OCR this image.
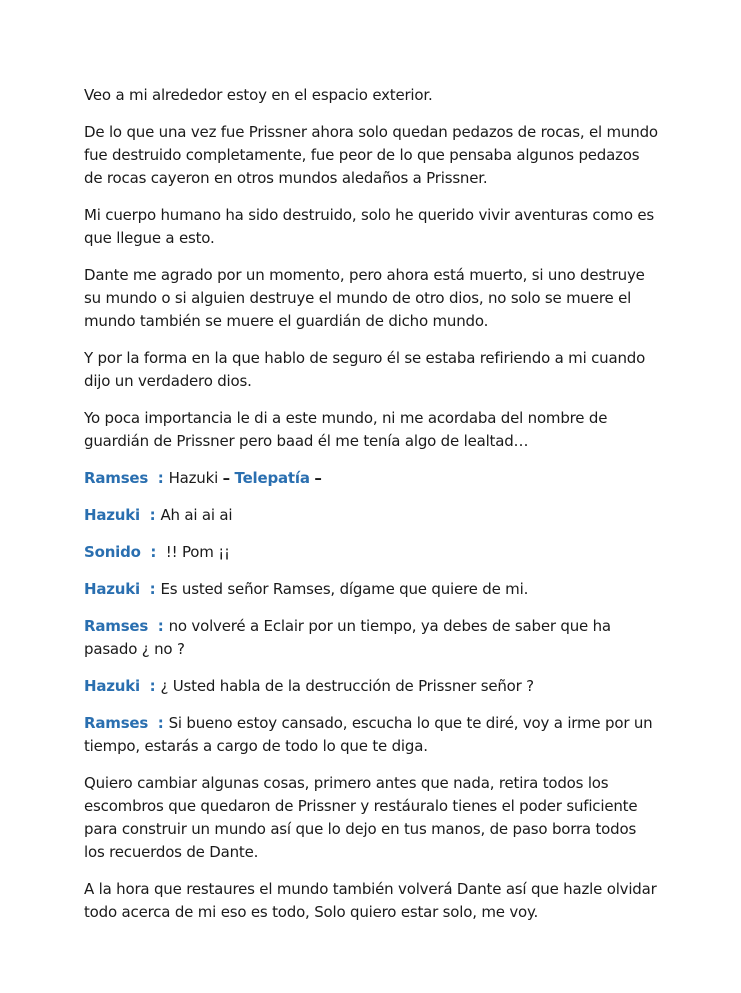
Veo a mi alrededor estoy en el espacio exterior.

De lo que una vez fue Prissner ahora solo quedan pedazos de rocas, el mundo fue destruido completamente, fue peor de lo que pensaba algunos pedazos de rocas cayeron en otros mundos aledaños a Prissner.

Mi cuerpo humano ha sido destruido, solo he querido vivir aventuras como es que llegue a esto.

Dante me agrado por un momento, pero ahora está muerto, si uno destruye su mundo o si alguien destruye el mundo de otro dios, no solo se muere el mundo también se muere el guardián de dicho mundo.

Y por la forma en la que hablo de seguro él se estaba refiriendo a mi cuando dijo un verdadero dios.

Yo poca importancia le di a este mundo, ni me acordaba del nombre de guardián de Prissner pero baad él me tenía algo de lealtad…

Ramses  : Hazuki – Telepatía –

Hazuki  : Ah ai ai ai

Sonido  :  !! Pom ¡¡

Hazuki  : Es usted señor Ramses, dígame que quiere de mi.

Ramses  : no volveré a Eclair por un tiempo, ya debes de saber que ha pasado ¿ no ?

Hazuki  : ¿ Usted habla de la destrucción de Prissner señor ?

Ramses  : Si bueno estoy cansado, escucha lo que te diré, voy a irme por un tiempo, estarás a cargo de todo lo que te diga.

Quiero cambiar algunas cosas, primero antes que nada, retira todos los escombros que quedaron de Prissner y restáuralo tienes el poder suficiente para construir un mundo así que lo dejo en tus manos, de paso borra todos los recuerdos de Dante.

A la hora que restaures el mundo también volverá Dante así que hazle olvidar todo acerca de mi eso es todo, Solo quiero estar solo, me voy.
